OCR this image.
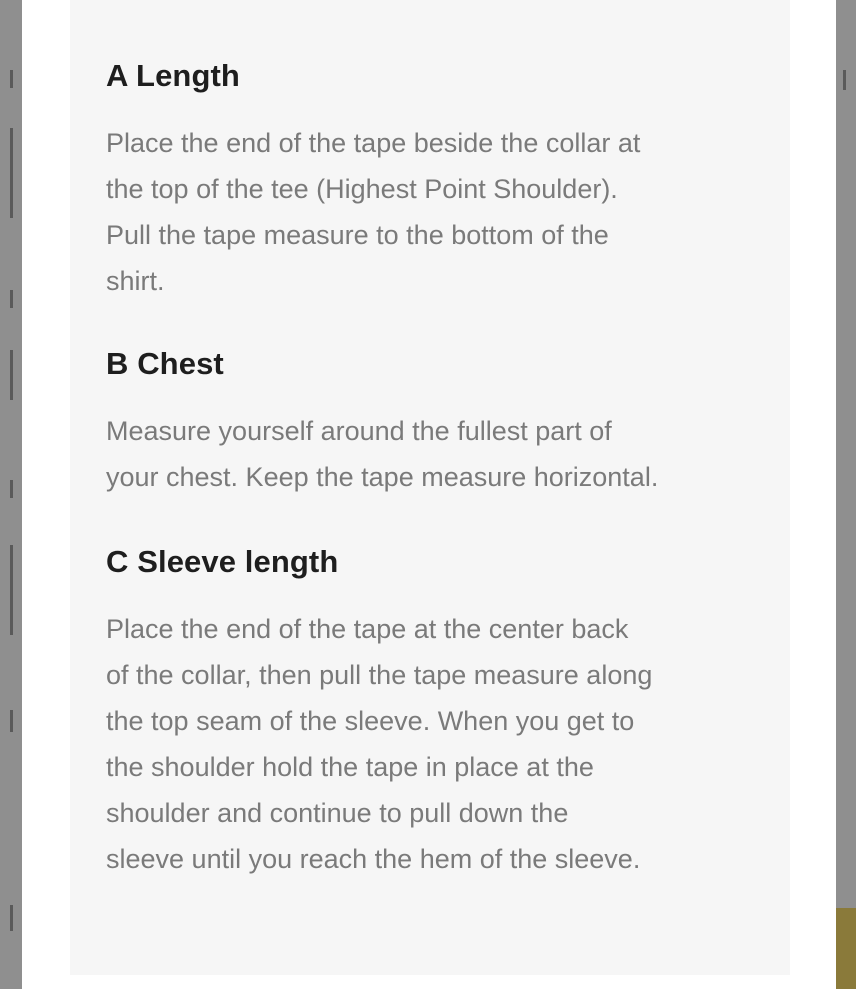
A Length
Place the end of the tape beside the collar at
the top of the tee (Highest Point Shoulder).
Pull the tape measure to the bottom of the
shirt.
B Chest
Measure yourself around the fullest part of
your chest. Keep the tape measure horizontal.
C Sleeve length
Place the end of the tape at the center back
of the collar, then pull the tape measure along
the top seam of the sleeve. When you get to
the shoulder hold the tape in place at the
shoulder and continue to pull down the
sleeve until you reach the hem of the sleeve.
